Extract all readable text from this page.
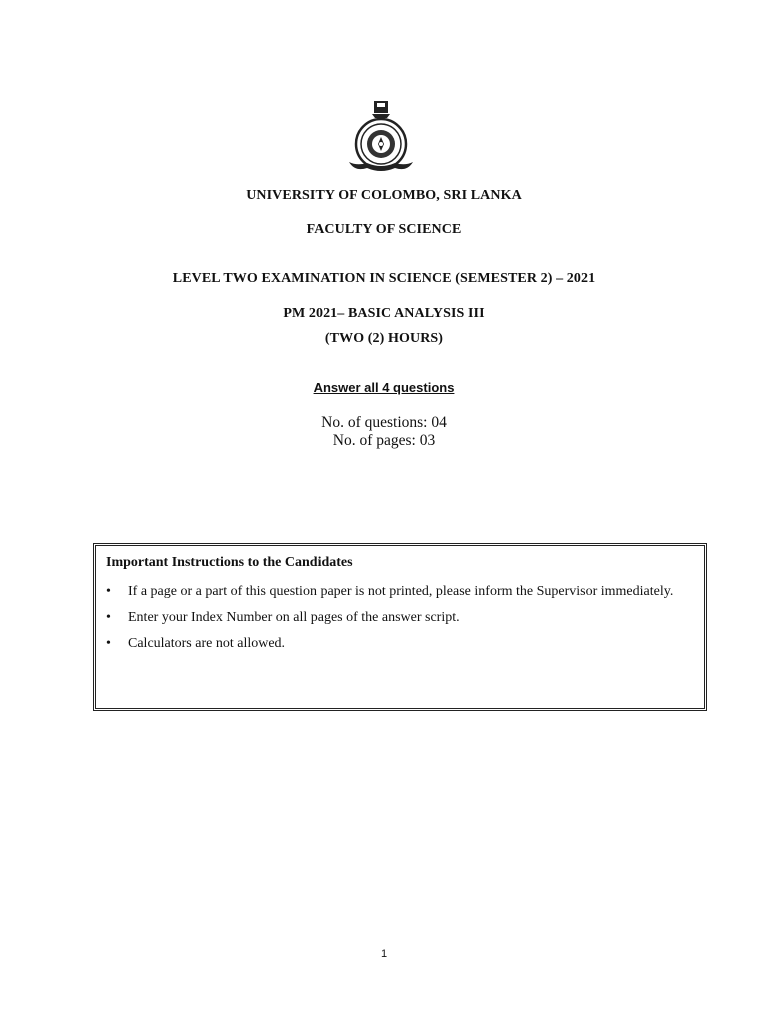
UNIVERSITY OF COLOMBO, SRI LANKA
FACULTY OF SCIENCE
LEVEL TWO EXAMINATION IN SCIENCE (SEMESTER 2) – 2021
PM 2021– BASIC ANALYSIS III
(TWO (2) HOURS)
Answer all 4 questions
No. of questions: 04
No. of pages: 03
Important Instructions to the Candidates
• If a page or a part of this question paper is not printed, please inform the Supervisor immediately.
• Enter your Index Number on all pages of the answer script.
• Calculators are not allowed.
1
